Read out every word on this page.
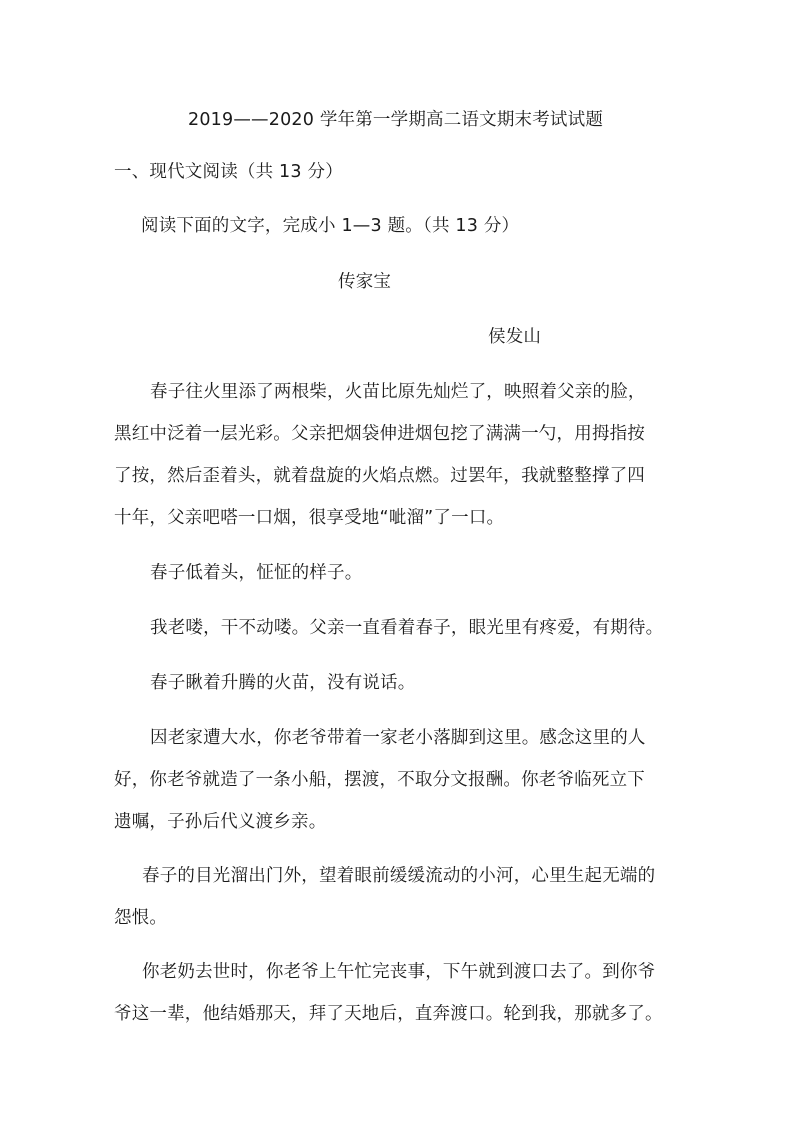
2019——2020 学年第一学期高二语文期末考试试题
一、现代文阅读（共 13 分）
阅读下面的文字，完成小 1—3 题。（共 13 分）
传家宝
侯发山
春子往火里添了两根柴，火苗比原先灿烂了，映照着父亲的脸，
黑红中泛着一层光彩。父亲把烟袋伸进烟包挖了满满一勺，用拇指按
了按，然后歪着头，就着盘旋的火焰点燃。过罢年，我就整整撑了四
十年，父亲吧嗒一口烟，很享受地“呲溜”了一口。
春子低着头，怔怔的样子。
我老喽，干不动喽。父亲一直看着春子，眼光里有疼爱，有期待。
春子瞅着升腾的火苗，没有说话。
因老家遭大水，你老爷带着一家老小落脚到这里。感念这里的人
好，你老爷就造了一条小船，摆渡，不取分文报酬。你老爷临死立下
遗嘱，子孙后代义渡乡亲。
春子的目光溜出门外，望着眼前缓缓流动的小河，心里生起无端的
怨恨。
你老奶去世时，你老爷上午忙完丧事，下午就到渡口去了。到你爷
爷这一辈，他结婚那天，拜了天地后，直奔渡口。轮到我，那就多了。
